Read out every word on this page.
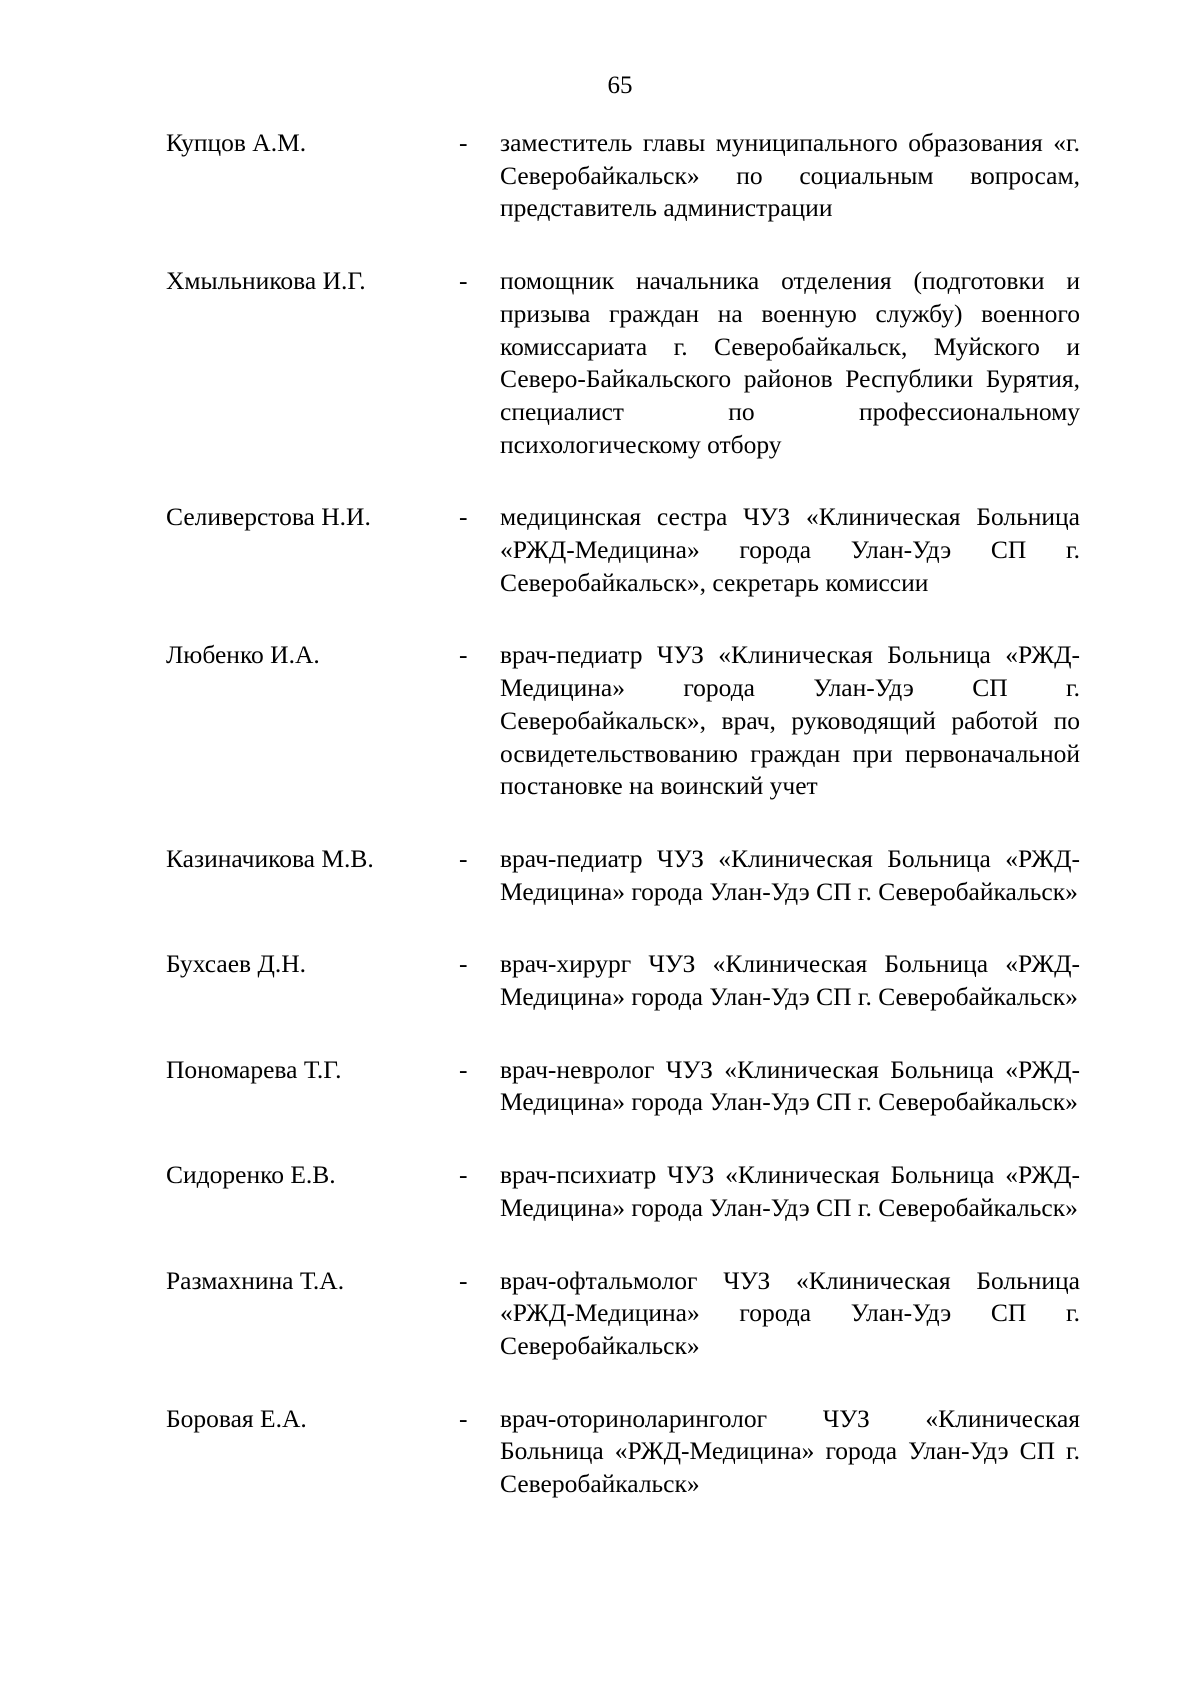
65
Купцов А.М.	- заместитель главы муниципального образования «г. Северобайкальск» по социальным вопросам, представитель администрации
Хмыльникова И.Г.	- помощник начальника отделения (подготовки и призыва граждан на военную службу) военного комиссариата г. Северобайкальск, Муйского и Северо-Байкальского районов Республики Бурятия, специалист по профессиональному психологическому отбору
Селиверстова Н.И.	- медицинская сестра ЧУЗ «Клиническая Больница «РЖД-Медицина» города Улан-Удэ СП г. Северобайкальск», секретарь комиссии
Любенко И.А.	- врач-педиатр ЧУЗ «Клиническая Больница «РЖД-Медицина» города Улан-Удэ СП г. Северобайкальск», врач, руководящий работой по освидетельствованию граждан при первоначальной постановке на воинский учет
Казиначикова М.В.	- врач-педиатр ЧУЗ «Клиническая Больница «РЖД-Медицина» города Улан-Удэ СП г. Северобайкальск»
Бухсаев Д.Н.	- врач-хирург ЧУЗ «Клиническая Больница «РЖД-Медицина» города Улан-Удэ СП г. Северобайкальск»
Пономарева Т.Г.	- врач-невролог ЧУЗ «Клиническая Больница «РЖД-Медицина» города Улан-Удэ СП г. Северобайкальск»
Сидоренко Е.В.	- врач-психиатр ЧУЗ «Клиническая Больница «РЖД-Медицина» города Улан-Удэ СП г. Северобайкальск»
Размахнина Т.А.	- врач-офтальмолог ЧУЗ «Клиническая Больница «РЖД-Медицина» города Улан-Удэ СП г. Северобайкальск»
Боровая Е.А.	- врач-оториноларинголог ЧУЗ «Клиническая Больница «РЖД-Медицина» города Улан-Удэ СП г. Северобайкальск»
